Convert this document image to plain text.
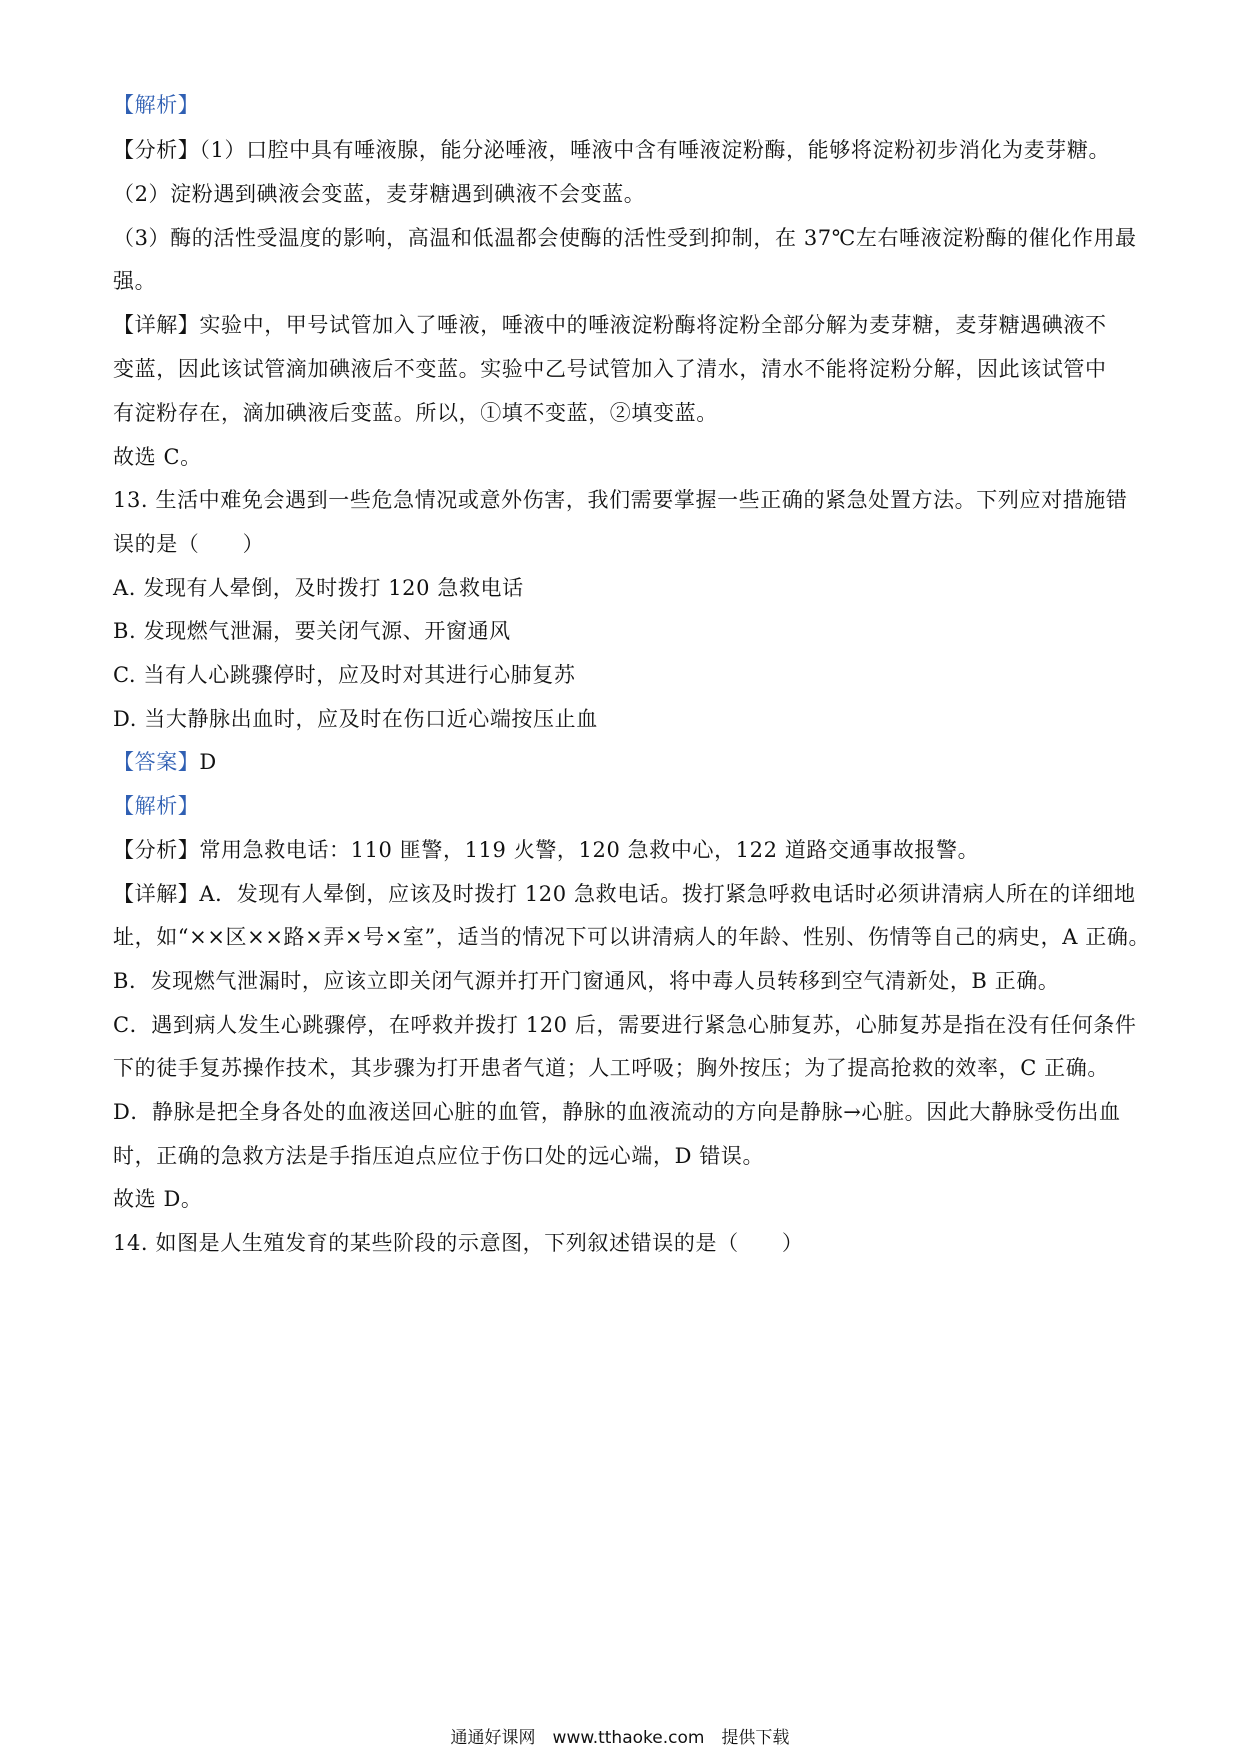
【解析】
【分析】（1）口腔中具有唾液腺，能分泌唾液，唾液中含有唾液淀粉酶，能够将淀粉初步消化为麦芽糖。
（2）淀粉遇到碘液会变蓝，麦芽糖遇到碘液不会变蓝。
（3）酶的活性受温度的影响，高温和低温都会使酶的活性受到抑制，在 37℃左右唾液淀粉酶的催化作用最
强。
【详解】实验中，甲号试管加入了唾液，唾液中的唾液淀粉酶将淀粉全部分解为麦芽糖，麦芽糖遇碘液不
变蓝，因此该试管滴加碘液后不变蓝。实验中乙号试管加入了清水，清水不能将淀粉分解，因此该试管中
有淀粉存在，滴加碘液后变蓝。所以，①填不变蓝，②填变蓝。
故选 C。
13. 生活中难免会遇到一些危急情况或意外伤害，我们需要掌握一些正确的紧急处置方法。下列应对措施错
误的是（　　）
A. 发现有人晕倒，及时拨打 120 急救电话
B. 发现燃气泄漏，要关闭气源、开窗通风
C. 当有人心跳骤停时，应及时对其进行心肺复苏
D. 当大静脉出血时，应及时在伤口近心端按压止血
【答案】D
【解析】
【分析】常用急救电话：110 匪警，119 火警，120 急救中心，122 道路交通事故报警。
【详解】A．发现有人晕倒，应该及时拨打 120 急救电话。拨打紧急呼救电话时必须讲清病人所在的详细地
址，如“××区××路×弄×号×室”，适当的情况下可以讲清病人的年龄、性别、伤情等自己的病史，A 正确。
B．发现燃气泄漏时，应该立即关闭气源并打开门窗通风，将中毒人员转移到空气清新处，B 正确。
C．遇到病人发生心跳骤停，在呼救并拨打 120 后，需要进行紧急心肺复苏，心肺复苏是指在没有任何条件
下的徒手复苏操作技术，其步骤为打开患者气道；人工呼吸；胸外按压；为了提高抢救的效率，C 正确。
D．静脉是把全身各处的血液送回心脏的血管，静脉的血液流动的方向是静脉→心脏。因此大静脉受伤出血
时，正确的急救方法是手指压迫点应位于伤口处的远心端，D 错误。
故选 D。
14. 如图是人生殖发育的某些阶段的示意图，下列叙述错误的是（　　）
通通好课网　www.tthaoke.com　提供下载
